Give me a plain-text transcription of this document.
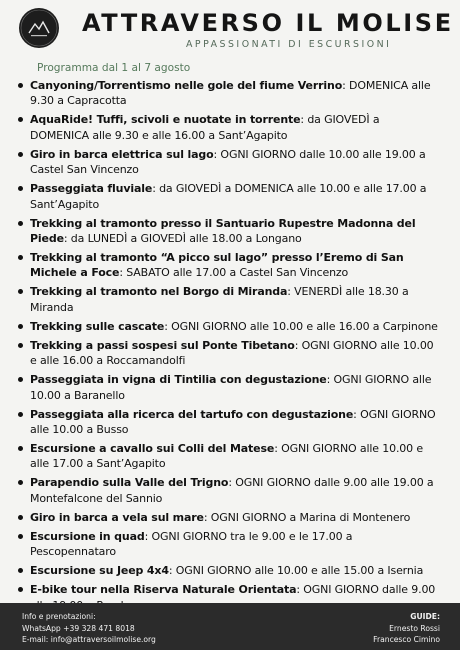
ATTRAVERSO IL MOLISE
APPASSIONATI DI ESCURSIONI
Programma dal 1 al 7 agosto
Canyoning/Torrentismo nelle gole del fiume Verrino: DOMENICA alle 9.30 a Capracotta
AquaRide! Tuffi, scivoli e nuotate in torrente: da GIOVEDÌ a DOMENICA alle 9.30 e alle 16.00 a Sant’Agapito
Giro in barca elettrica sul lago: OGNI GIORNO dalle 10.00 alle 19.00 a Castel San Vincenzo
Passeggiata fluviale: da GIOVEDÌ a DOMENICA alle 10.00 e alle 17.00 a Sant’Agapito
Trekking al tramonto presso il Santuario Rupestre Madonna del Piede: da LUNEDÌ a GIOVEDÌ alle 18.00 a Longano
Trekking al tramonto “A picco sul lago” presso l’Eremo di San Michele a Foce: SABATO alle 17.00 a Castel San Vincenzo
Trekking al tramonto nel Borgo di Miranda: VENERDÌ alle 18.30 a Miranda
Trekking sulle cascate: OGNI GIORNO alle 10.00 e alle 16.00 a Carpinone
Trekking a passi sospesi sul Ponte Tibetano: OGNI GIORNO alle 10.00 e alle 16.00 a Roccamandolfi
Passeggiata in vigna di Tintilia con degustazione: OGNI GIORNO alle 10.00 a Baranello
Passeggiata alla ricerca del tartufo con degustazione: OGNI GIORNO alle 10.00 a Busso
Escursione a cavallo sui Colli del Matese: OGNI GIORNO alle 10.00 e alle 17.00 a Sant’Agapito
Parapendio sulla Valle del Trigno: OGNI GIORNO dalle 9.00 alle 19.00 a Montefalcone del Sannio
Giro in barca a vela sul mare: OGNI GIORNO a Marina di Montenero
Escursione in quad: OGNI GIORNO tra le 9.00 e le 17.00 a Pescopennataro
Escursione su Jeep 4x4: OGNI GIORNO alle 10.00 e alle 15.00 a Isernia
E-bike tour nella Riserva Naturale Orientata: OGNI GIORNO dalle 9.00
Info e prenotazioni:
WhatsApp +39 328 471 8018
E-mail: info@attraversoilmolise.org
GUIDE:
Ernesto Rossi
Francesco Cimino
